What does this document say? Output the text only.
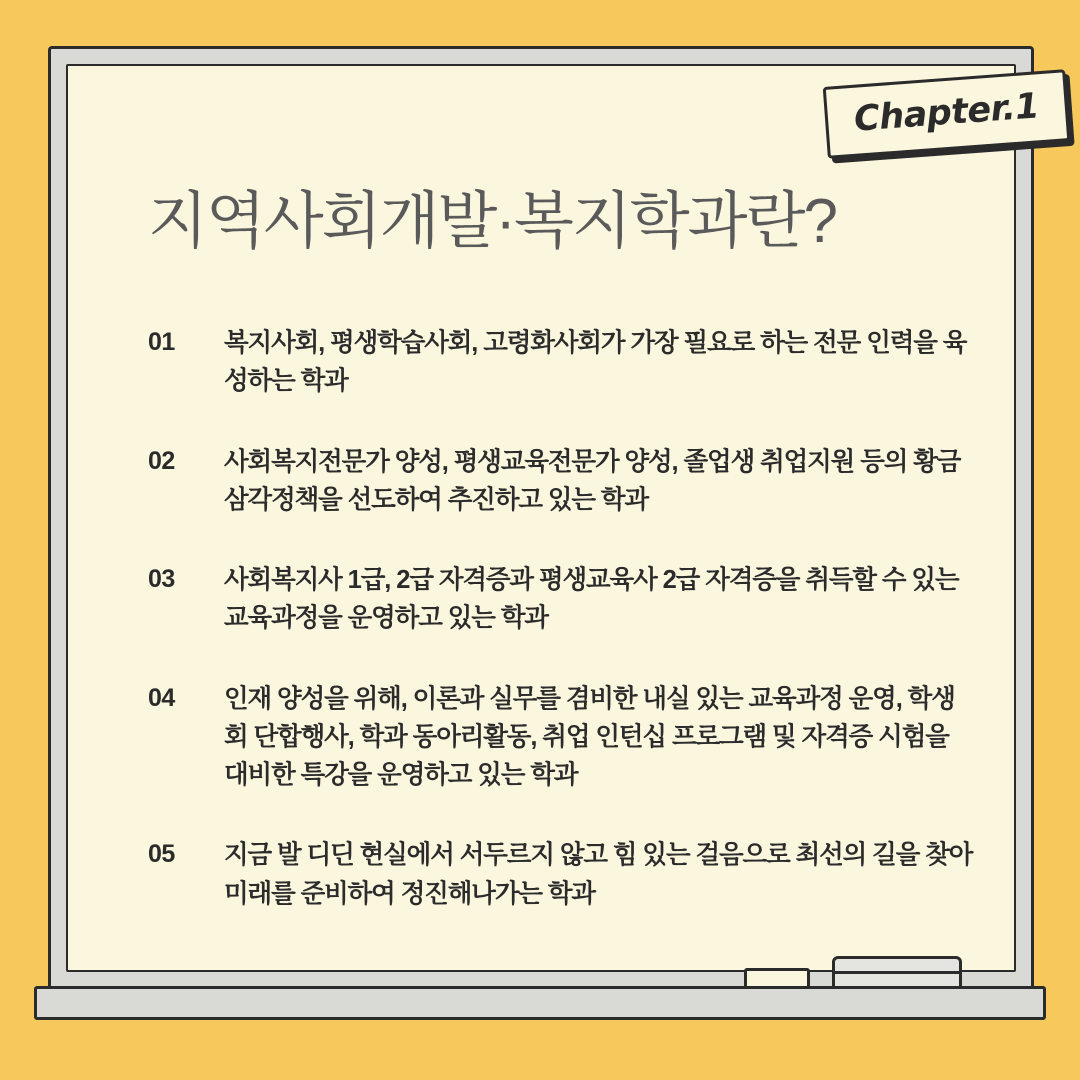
지역사회개발·복지학과란?
01	복지사회, 평생학습사회, 고령화사회가 가장 필요로 하는 전문 인력을 육성하는 학과
02	사회복지전문가 양성, 평생교육전문가 양성, 졸업생 취업지원 등의 황금 삼각정책을 선도하여 추진하고 있는 학과
03	사회복지사 1급, 2급 자격증과 평생교육사 2급 자격증을 취득할 수 있는 교육과정을 운영하고 있는 학과
04	인재 양성을 위해, 이론과 실무를 겸비한 내실 있는 교육과정 운영, 학생회 단합행사, 학과 동아리활동, 취업 인턴십 프로그램 및 자격증 시험을 대비한 특강을 운영하고 있는 학과
05	지금 발 디딘 현실에서 서두르지 않고 힘 있는 걸음으로 최선의 길을 찾아 미래를 준비하여 정진해나가는 학과
Chapter.1
